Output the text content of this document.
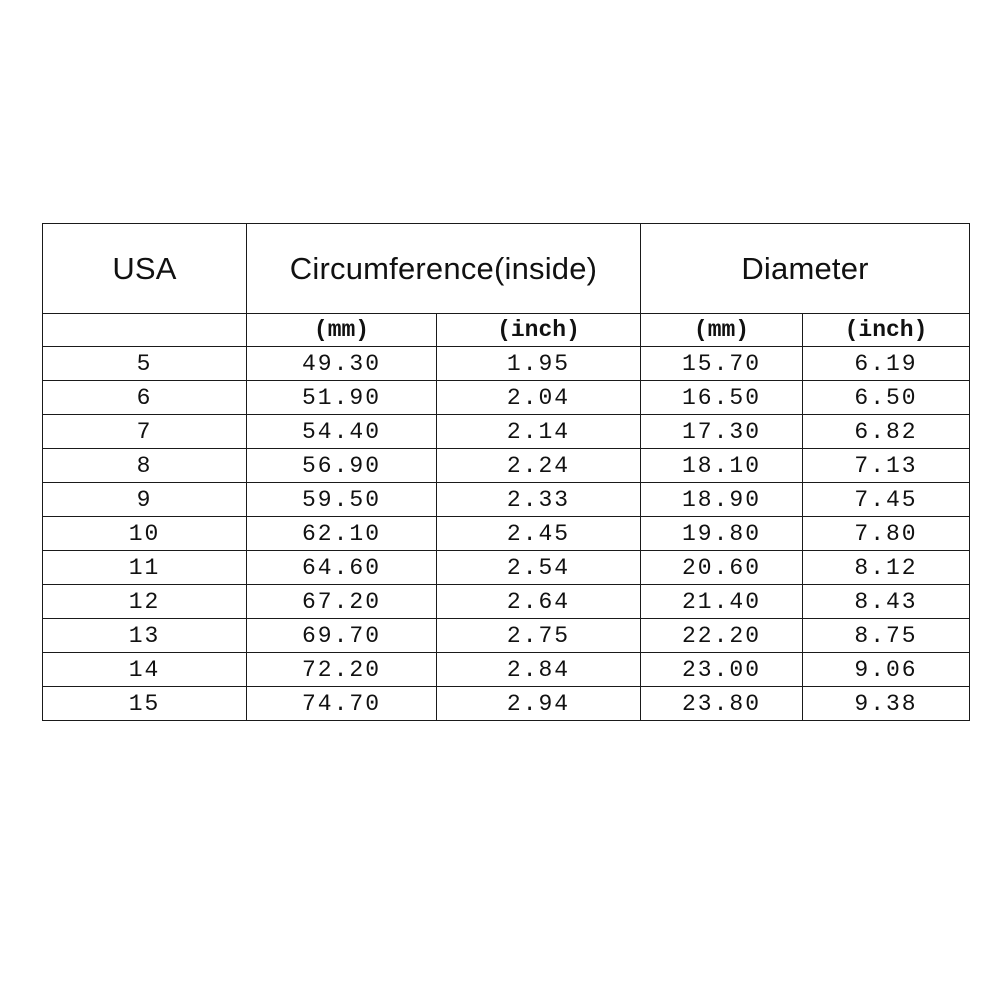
USA	Circumference(inside)		Diameter	
	(mm)	(inch)	(mm)	(inch)
5	49.30	1.95	15.70	6.19
6	51.90	2.04	16.50	6.50
7	54.40	2.14	17.30	6.82
8	56.90	2.24	18.10	7.13
9	59.50	2.33	18.90	7.45
10	62.10	2.45	19.80	7.80
11	64.60	2.54	20.60	8.12
12	67.20	2.64	21.40	8.43
13	69.70	2.75	22.20	8.75
14	72.20	2.84	23.00	9.06
15	74.70	2.94	23.80	9.38
